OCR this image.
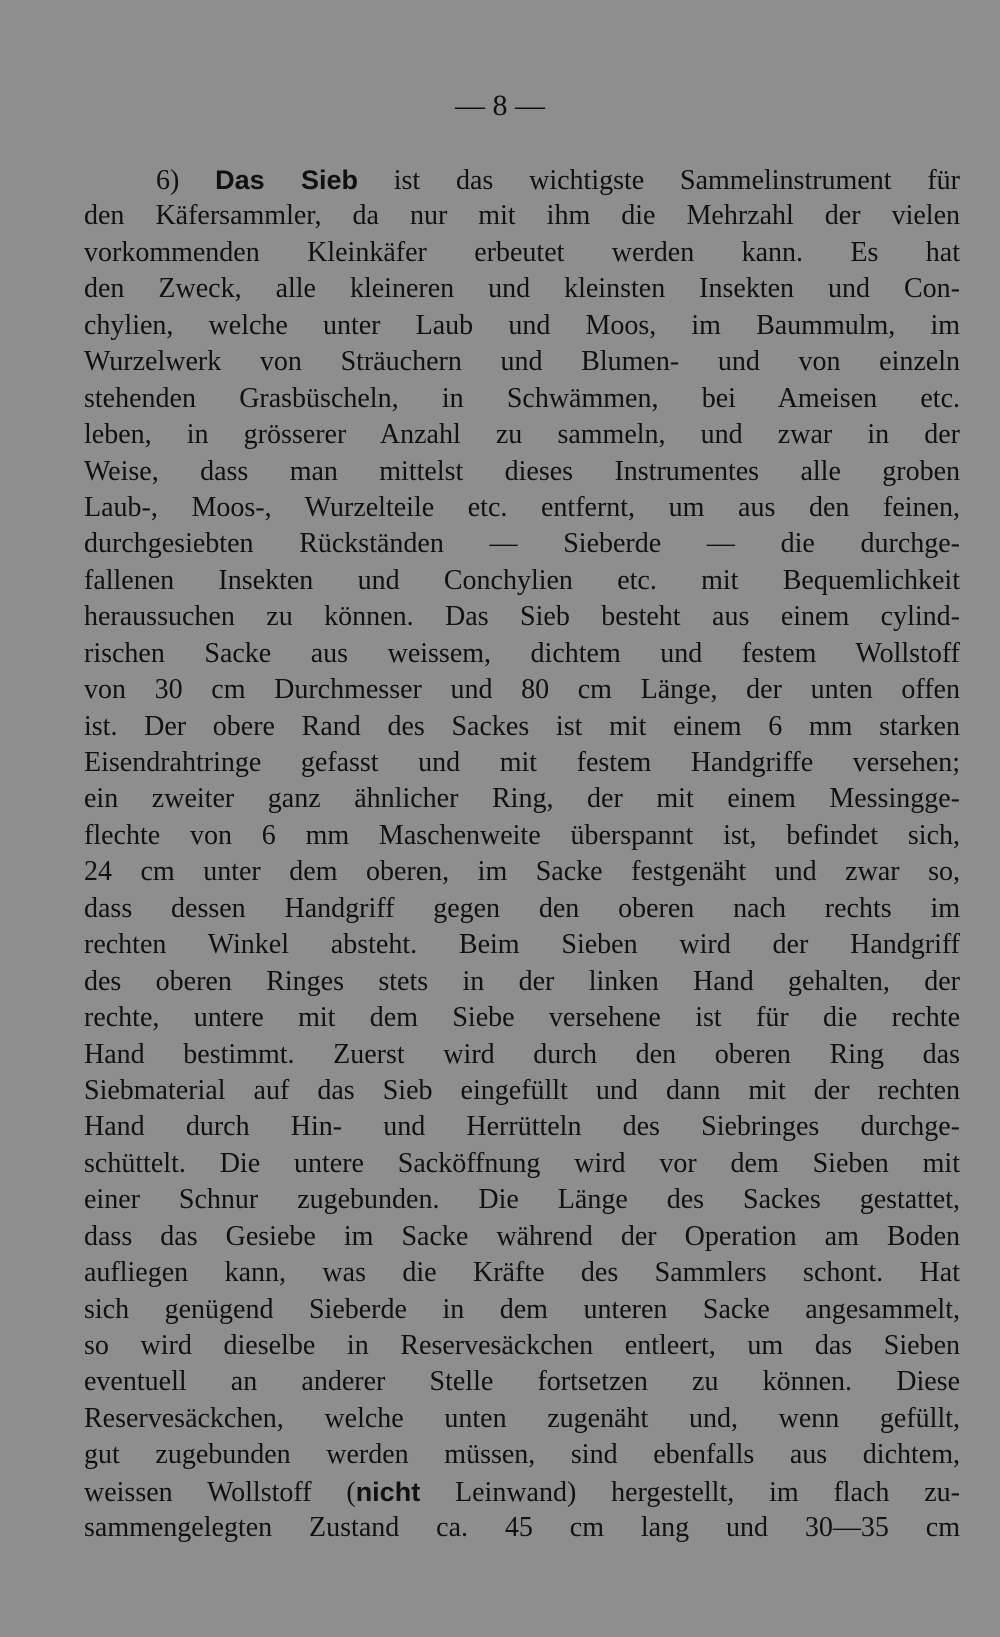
— 8 —
6) Das Sieb ist das wichtigste Sammelinstrument für
den Käfersammler, da nur mit ihm die Mehrzahl der vielen
vorkommenden Kleinkäfer erbeutet werden kann. Es hat
den Zweck, alle kleineren und kleinsten Insekten und Con-
chylien, welche unter Laub und Moos, im Baummulm, im
Wurzelwerk von Sträuchern und Blumen- und von einzeln
stehenden Grasbüscheln, in Schwämmen, bei Ameisen etc.
leben, in grösserer Anzahl zu sammeln, und zwar in der
Weise, dass man mittelst dieses Instrumentes alle groben
Laub-, Moos-, Wurzelteile etc. entfernt, um aus den feinen,
durchgesiebten Rückständen — Sieberde — die durchge-
fallenen Insekten und Conchylien etc. mit Bequemlichkeit
heraussuchen zu können. Das Sieb besteht aus einem cylind-
rischen Sacke aus weissem, dichtem und festem Wollstoff
von 30 cm Durchmesser und 80 cm Länge, der unten offen
ist. Der obere Rand des Sackes ist mit einem 6 mm starken
Eisendrahtringe gefasst und mit festem Handgriffe versehen;
ein zweiter ganz ähnlicher Ring, der mit einem Messingge-
flechte von 6 mm Maschenweite überspannt ist, befindet sich,
24 cm unter dem oberen, im Sacke festgenäht und zwar so,
dass dessen Handgriff gegen den oberen nach rechts im
rechten Winkel absteht. Beim Sieben wird der Handgriff
des oberen Ringes stets in der linken Hand gehalten, der
rechte, untere mit dem Siebe versehene ist für die rechte
Hand bestimmt. Zuerst wird durch den oberen Ring das
Siebmaterial auf das Sieb eingefüllt und dann mit der rechten
Hand durch Hin- und Herrütteln des Siebringes durchge-
schüttelt. Die untere Sacköffnung wird vor dem Sieben mit
einer Schnur zugebunden. Die Länge des Sackes gestattet,
dass das Gesiebe im Sacke während der Operation am Boden
aufliegen kann, was die Kräfte des Sammlers schont. Hat
sich genügend Sieberde in dem unteren Sacke angesammelt,
so wird dieselbe in Reservesäckchen entleert, um das Sieben
eventuell an anderer Stelle fortsetzen zu können. Diese
Reservesäckchen, welche unten zugenäht und, wenn gefüllt,
gut zugebunden werden müssen, sind ebenfalls aus dichtem,
weissen Wollstoff (nicht Leinwand) hergestellt, im flach zu-
sammengelegten Zustand ca. 45 cm lang und 30—35 cm
